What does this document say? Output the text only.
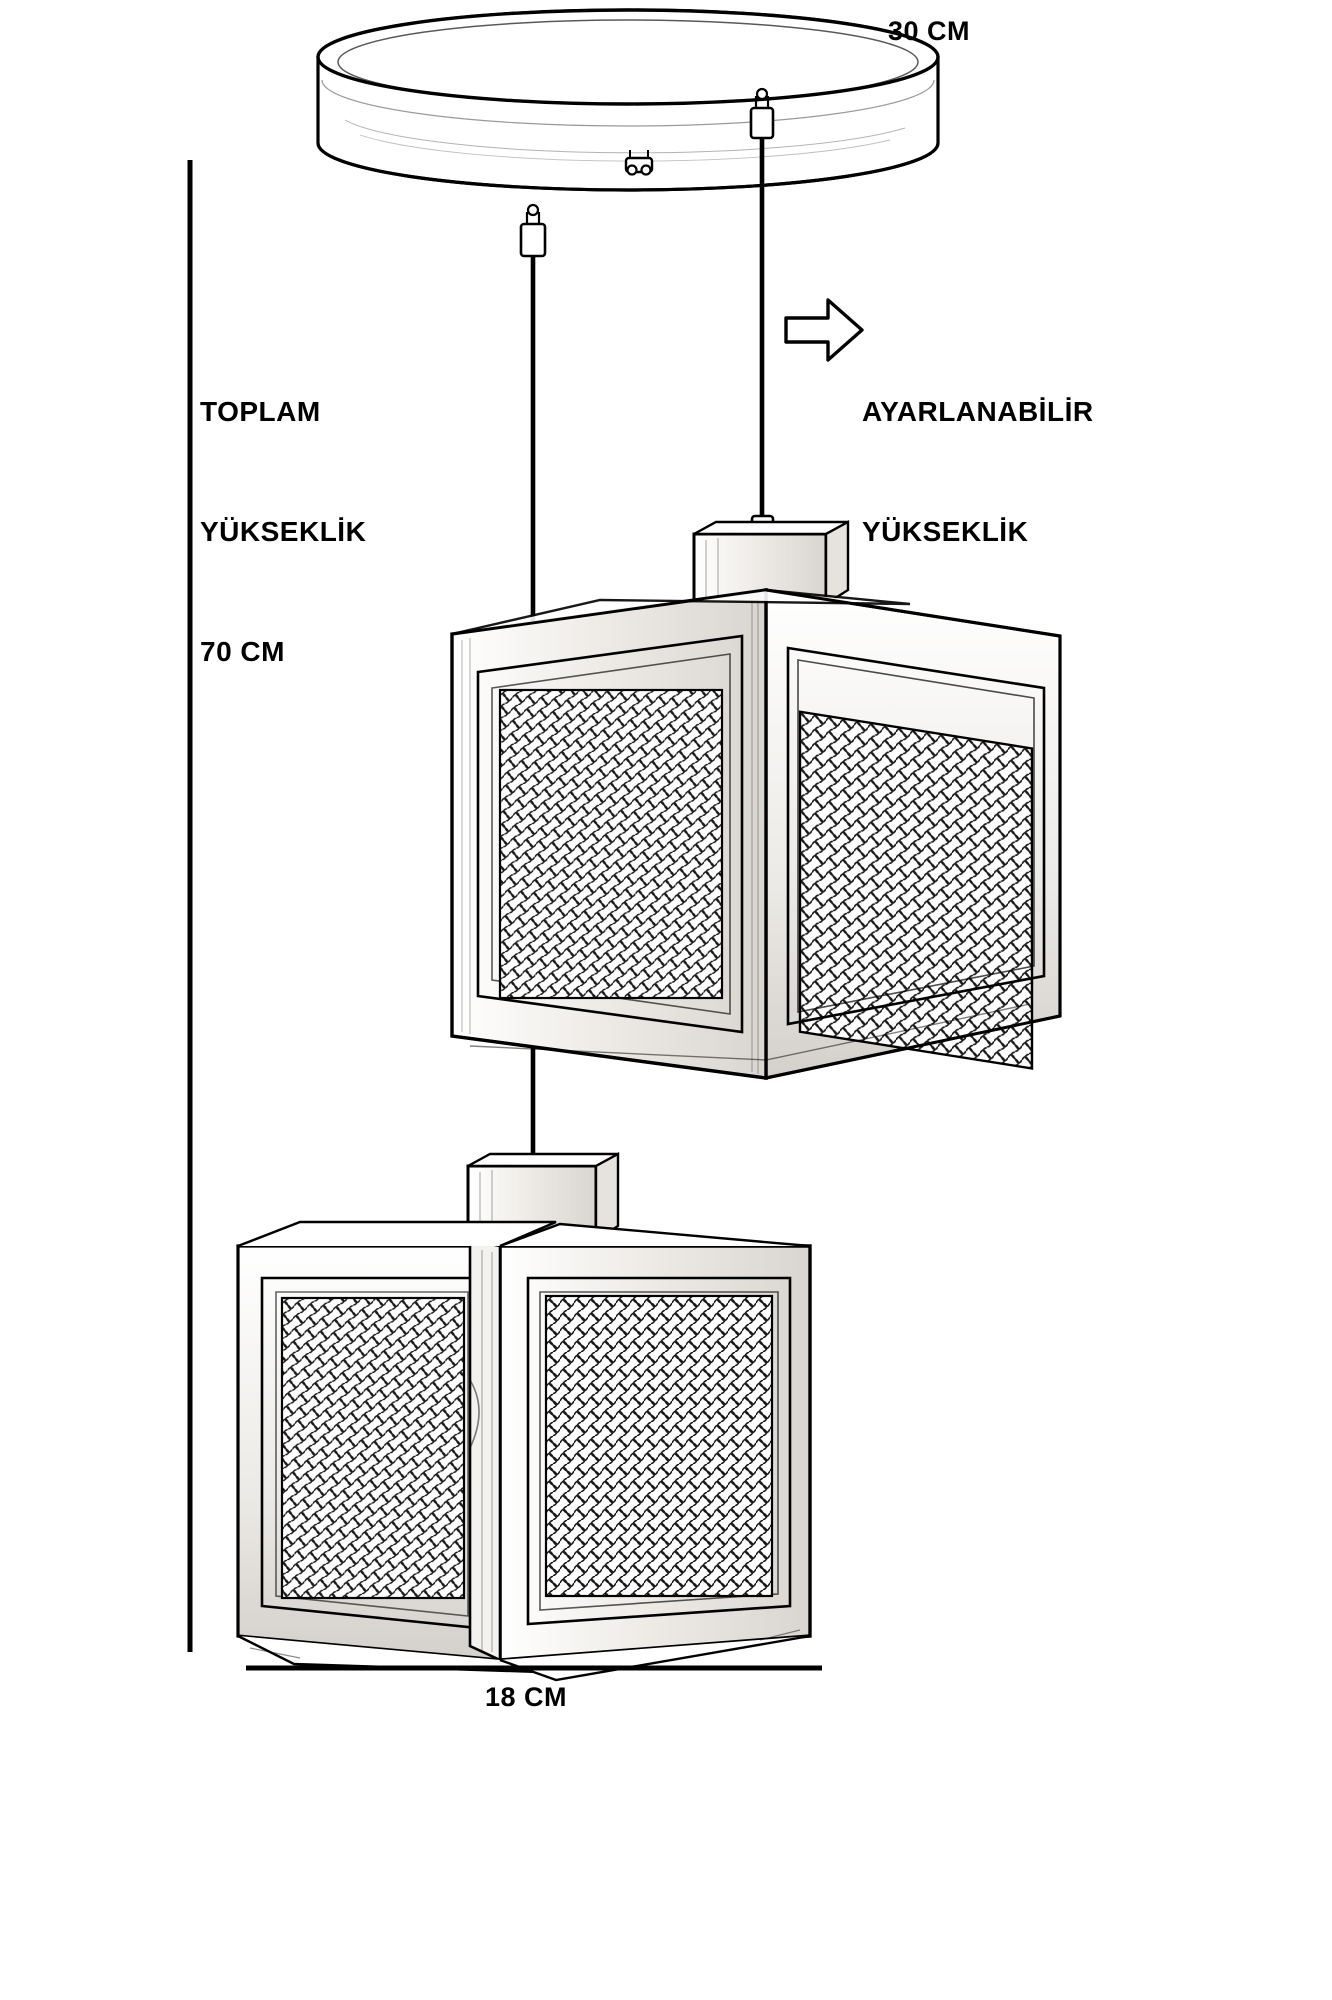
30 CM

TOPLAM

YÜKSEKLİK

70 CM

AYARLANABİLİR

YÜKSEKLİK

18 CM
